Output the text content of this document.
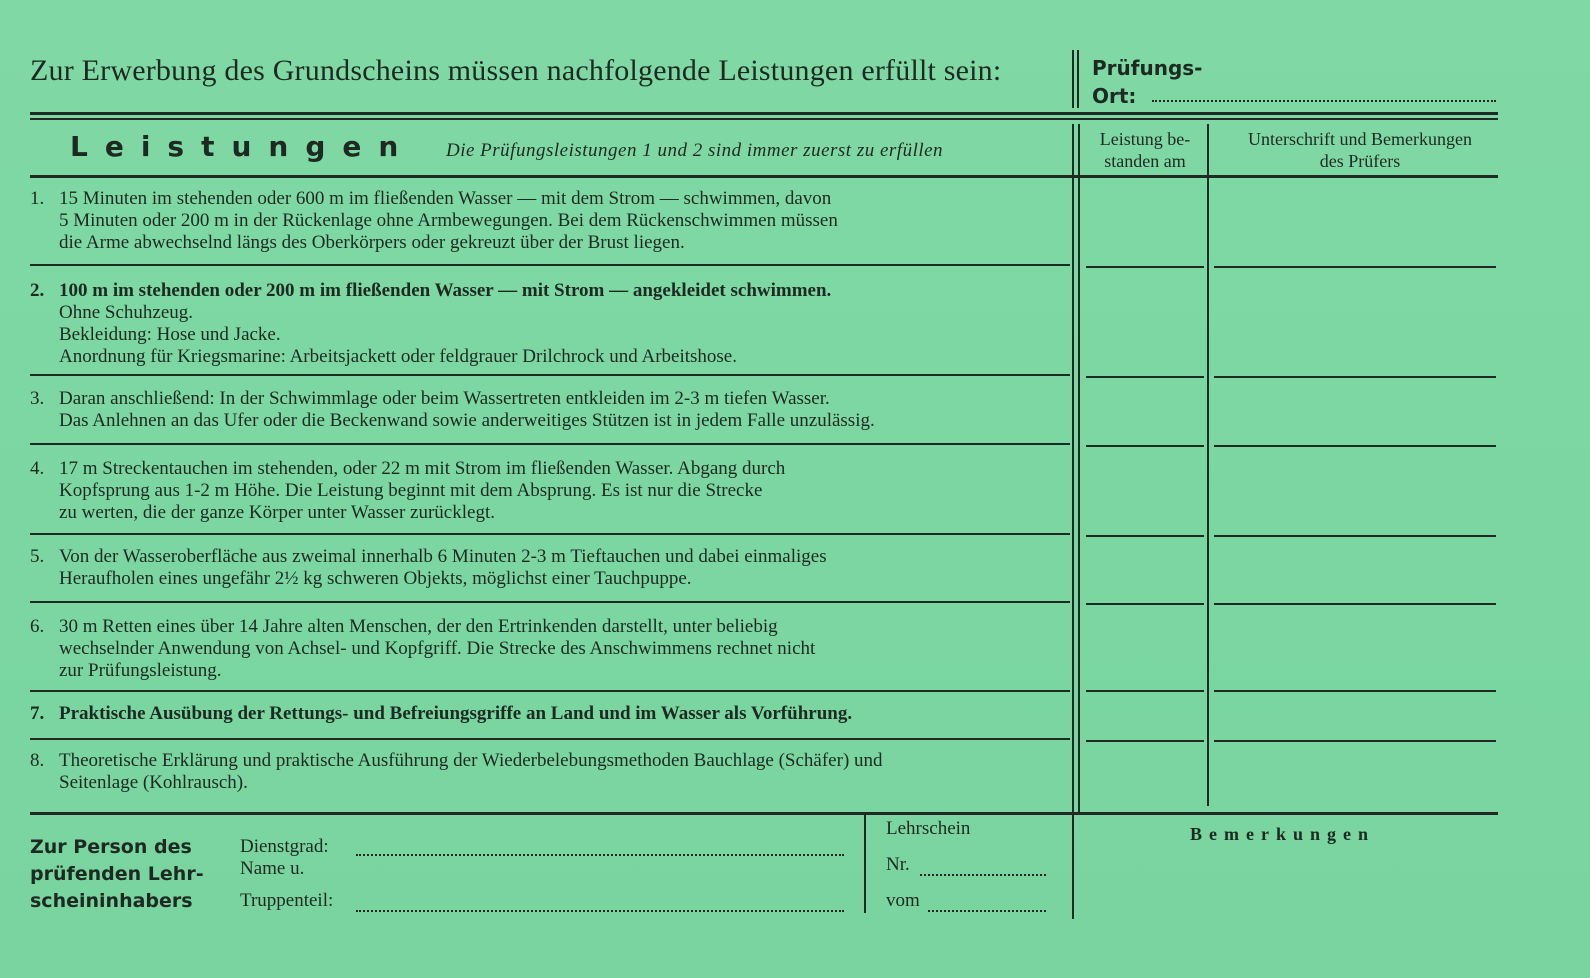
Zur Erwerbung des Grundscheins müssen nachfolgende Leistungen erfüllt sein:	Prüfungs-
Ort:
Leistungen Die Prüfungsleistungen 1 und 2 sind immer zuerst zu erfüllen
Leistung be-
standen am
Unterschrift und Bemerkungen
des Prüfers
1. 15 Minuten im stehenden oder 600 m im fließenden Wasser — mit dem Strom — schwimmen, davon
5 Minuten oder 200 m in der Rückenlage ohne Armbewegungen. Bei dem Rückenschwimmen müssen
die Arme abwechselnd längs des Oberkörpers oder gekreuzt über der Brust liegen.
2. 100 m im stehenden oder 200 m im fließenden Wasser — mit Strom — angekleidet schwimmen.
Ohne Schuhzeug.
Bekleidung: Hose und Jacke.
Anordnung für Kriegsmarine: Arbeitsjackett oder feldgrauer Drilchrock und Arbeitshose.
3. Daran anschließend: In der Schwimmlage oder beim Wassertreten entkleiden im 2-3 m tiefen Wasser.
Das Anlehnen an das Ufer oder die Beckenwand sowie anderweitiges Stützen ist in jedem Falle unzulässig.
4. 17 m Streckentauchen im stehenden, oder 22 m mit Strom im fließenden Wasser. Abgang durch
Kopfsprung aus 1-2 m Höhe. Die Leistung beginnt mit dem Absprung. Es ist nur die Strecke
zu werten, die der ganze Körper unter Wasser zurücklegt.
5. Von der Wasseroberfläche aus zweimal innerhalb 6 Minuten 2-3 m Tieftauchen und dabei einmaliges
Heraufholen eines ungefähr 2½ kg schweren Objekts, möglichst einer Tauchpuppe.
6. 30 m Retten eines über 14 Jahre alten Menschen, der den Ertrinkenden darstellt, unter beliebig
wechselnder Anwendung von Achsel- und Kopfgriff. Die Strecke des Anschwimmens rechnet nicht
zur Prüfungsleistung.
7. Praktische Ausübung der Rettungs- und Befreiungsgriffe an Land und im Wasser als Vorführung.
8. Theoretische Erklärung und praktische Ausführung der Wiederbelebungsmethoden Bauchlage (Schäfer) und
Seitenlage (Kohlrausch).
Zur Person des
prüfenden Lehr-
scheininhabers
Dienstgrad:
Name u.
Truppenteil:
Lehrschein
Nr.
vom
Bemerkungen
